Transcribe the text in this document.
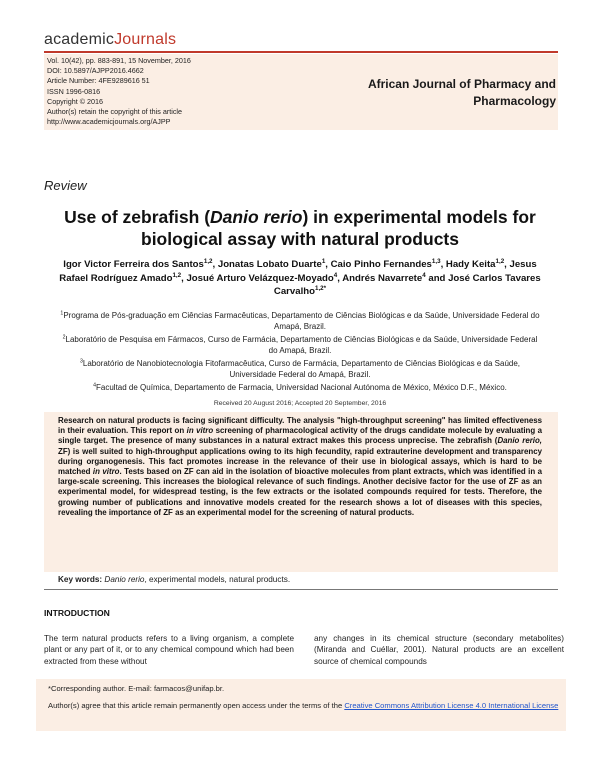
academicJournals
Vol. 10(42), pp. 883-891, 15 November, 2016
DOI: 10.5897/AJPP2016.4662
Article Number: 4FE9289616 51
ISSN 1996-0816
Copyright © 2016
Author(s) retain the copyright of this article
http://www.academicjournals.org/AJPP
African Journal of Pharmacy and
Pharmacology
Review
Use of zebrafish (Danio rerio) in experimental models for biological assay with natural products
Igor Victor Ferreira dos Santos$^{1,2}$, Jonatas Lobato Duarte$^1$, Caio Pinho Fernandes$^{1,3}$, Hady Keita$^{1,2}$, Jesus Rafael Rodríguez Amado$^{1,2}$, Josué Arturo Velázquez-Moyado$^4$, Andrés Navarrete$^4$ and José Carlos Tavares Carvalho$^{1,2*}$

$^1$Programa de Pós-graduação em Ciências Farmacêuticas, Departamento de Ciências Biológicas e da Saúde, Universidade Federal do Amapá, Brazil.

$^2$Laboratório de Pesquisa em Fármacos, Curso de Farmácia, Departamento de Ciências Biológicas e da Saúde, Universidade Federal do Amapá, Brazil.

$^3$Laboratório de Nanobiotecnologia Fitofarmacêutica, Curso de Farmácia, Departamento de Ciências Biológicas e da Saúde, Universidade Federal do Amapá, Brazil.

$^4$Facultad de Química, Departamento de Farmacia, Universidad Nacional Autónoma de México, México D.F., México.

Received 20 August 2016; Accepted 20 September, 2016
Research on natural products is facing significant difficulty. The analysis "high-throughput screening" has limited effectiveness in their evaluation. This report on in vitro screening of pharmacological activity of the drugs candidate molecule by evaluating a single target. The presence of many substances in a natural extract makes this process unprecise. The zebrafish (Danio rerio, ZF) is well suited to high-throughput applications owing to its high fecundity, rapid extrauterine development and transparency during organogenesis. This fact promotes increase in the relevance of their use in biological assays, which is hard to be matched in vitro. Tests based on ZF can aid in the isolation of bioactive molecules from plant extracts, which was identified in a large-scale screening. This increases the biological relevance of such findings. Another decisive factor for the use of ZF as an experimental model, for widespread testing, is the few extracts or the isolated compounds required for tests. Therefore, the growing number of publications and innovative models created for the research shows a lot of diseases with this species, revealing the importance of ZF as an experimental model for the screening of natural products.
Key words: Danio rerio, experimental models, natural products.
INTRODUCTION
The term natural products refers to a living organism, a complete plant or any part of it, or to any chemical compound which had been extracted from these without
any changes in its chemical structure (secondary metabolites) (Miranda and Cuéllar, 2001). Natural products are an excellent source of chemical compounds
*Corresponding author. E-mail: farmacos@unifap.br.
Author(s) agree that this article remain permanently open access under the terms of the Creative Commons Attribution License 4.0 International License
